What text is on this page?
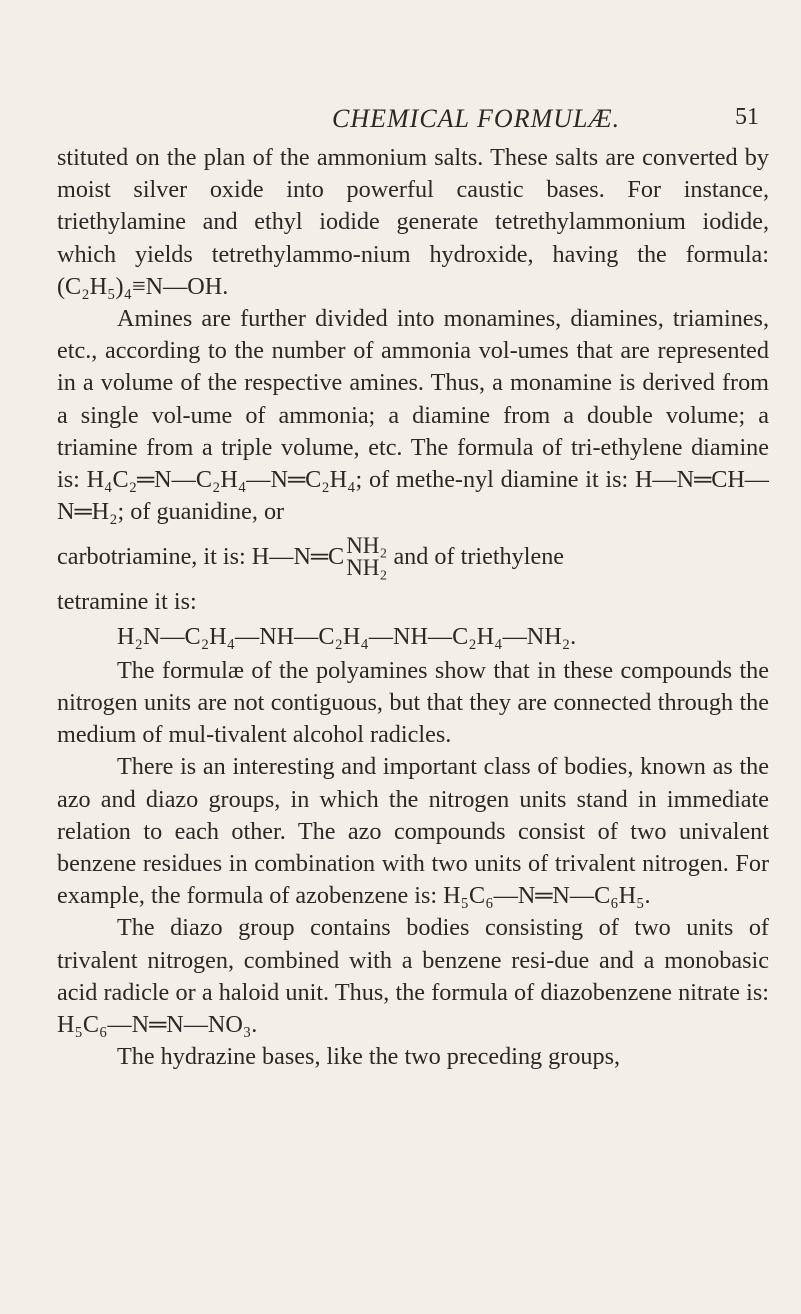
CHEMICAL FORMULÆ.	51

stituted on the plan of the ammonium salts. These salts are converted by moist silver oxide into powerful caustic bases. For instance, triethylamine and ethyl iodide generate tetrethylammonium iodide, which yields tetrethylammo-nium hydroxide, having the formula: (C₂H₅)₄≡N—OH.

Amines are further divided into monamines, diamines, triamines, etc., according to the number of ammonia vol-umes that are represented in a volume of the respective amines. Thus, a monamine is derived from a single vol-ume of ammonia; a diamine from a double volume; a triamine from a triple volume, etc. The formula of tri-ethylene diamine is: H₄C₂═N—C₂H₄—N═C₂H₄; of methe-nyl diamine it is: H—N═CH—N═H₂; of guanidine, or

carbotriamine, it is: H—N═C NH₂
NH₂ and of triethylene

tetramine it is:

H₂N—C₂H₄—NH—C₂H₄—NH—C₂H₄—NH₂.

The formulæ of the polyamines show that in these compounds the nitrogen units are not contiguous, but that they are connected through the medium of mul-tivalent alcohol radicles.

There is an interesting and important class of bodies, known as the azo and diazo groups, in which the nitrogen units stand in immediate relation to each other. The azo compounds consist of two univalent benzene residues in combination with two units of trivalent nitrogen. For example, the formula of azobenzene is: H₅C₆—N═N—C₆H₅.

The diazo group contains bodies consisting of two units of trivalent nitrogen, combined with a benzene resi-due and a monobasic acid radicle or a haloid unit. Thus, the formula of diazobenzene nitrate is: H₅C₆—N═N—NO₃.

The hydrazine bases, like the two preceding groups,
